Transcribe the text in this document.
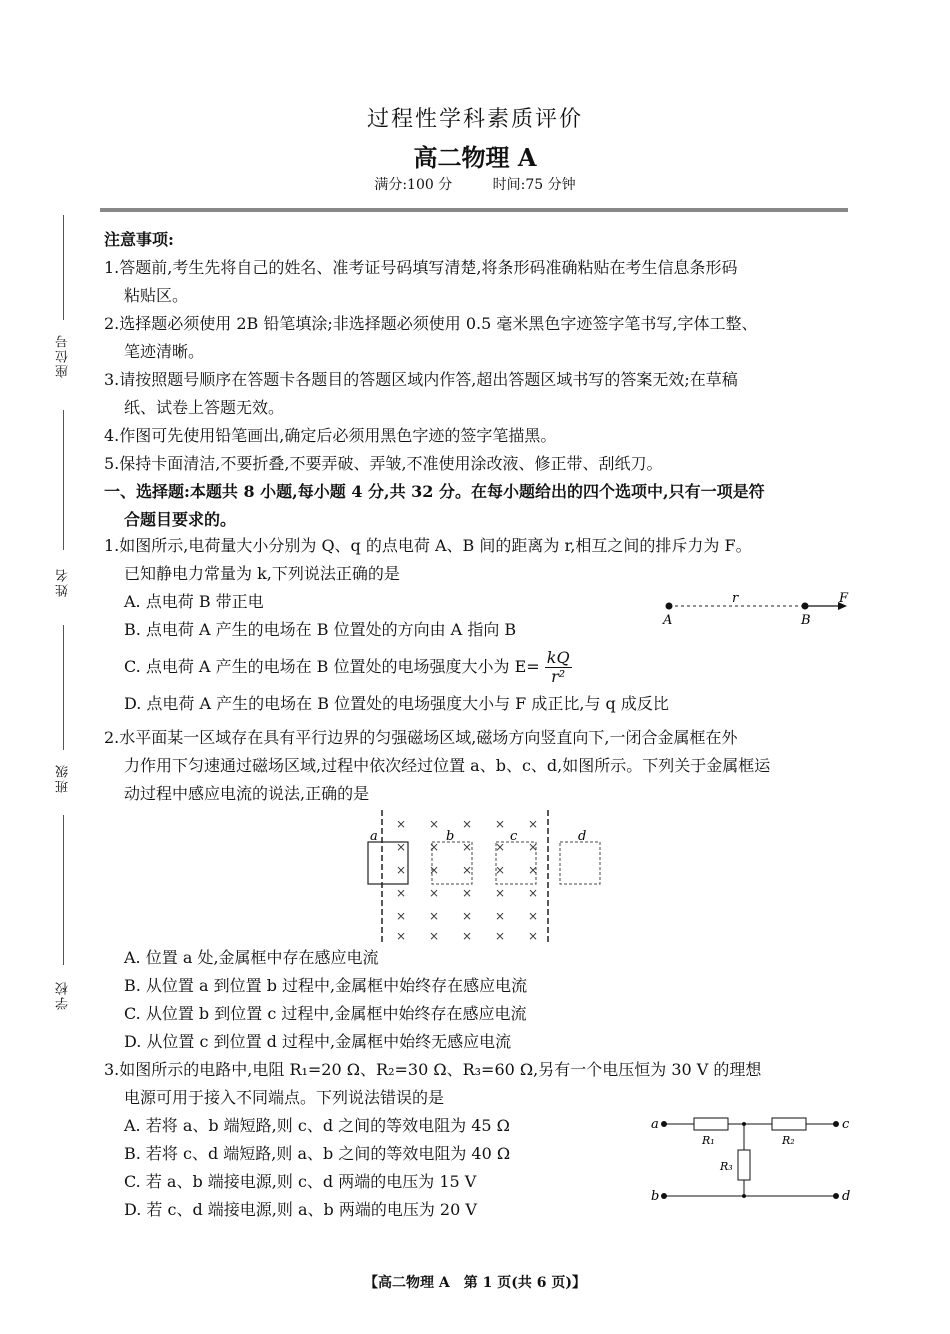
过程性学科素质评价
高二物理 A
满分:100 分	时间:75 分钟
座位号
姓名
班级
学校
注意事项:
1.答题前,考生先将自己的姓名、准考证号码填写清楚,将条形码准确粘贴在考生信息条形码
粘贴区。
2.选择题必须使用 2B 铅笔填涂;非选择题必须使用 0.5 毫米黑色字迹签字笔书写,字体工整、
笔迹清晰。
3.请按照题号顺序在答题卡各题目的答题区域内作答,超出答题区域书写的答案无效;在草稿
纸、试卷上答题无效。
4.作图可先使用铅笔画出,确定后必须用黑色字迹的签字笔描黑。
5.保持卡面清洁,不要折叠,不要弄破、弄皱,不准使用涂改液、修正带、刮纸刀。
一、选择题:本题共 8 小题,每小题 4 分,共 32 分。在每小题给出的四个选项中,只有一项是符
合题目要求的。
1.如图所示,电荷量大小分别为 Q、q 的点电荷 A、B 间的距离为 r,相互之间的排斥力为 F。
已知静电力常量为 k,下列说法正确的是
A. 点电荷 B 带正电
B. 点电荷 A 产生的电场在 B 位置处的方向由 A 指向 B
C. 点电荷 A 产生的电场在 B 位置处的电场强度大小为 $E= \frac{kQ}{\text{r²}}$
D. 点电荷 A 产生的电场在 B 位置处的电场强度大小与 F 成正比,与 q 成反比
A	B
r	F
2.水平面某一区域存在具有平行边界的匀强磁场区域,磁场方向竖直向下,一闭合金属框在外
力作用下匀速通过磁场区域,过程中依次经过位置 a、b、c、d,如图所示。下列关于金属框运
动过程中感应电流的说法,正确的是
a	b	c	d
× × × × ×
× × × × ×
× × × × ×
× × × × ×
× × × × ×
× × × × ×
A. 位置 a 处,金属框中存在感应电流
B. 从位置 a 到位置 b 过程中,金属框中始终存在感应电流
C. 从位置 b 到位置 c 过程中,金属框中始终存在感应电流
D. 从位置 c 到位置 d 过程中,金属框中始终无感应电流
3.如图所示的电路中,电阻 R₁=20 Ω、R₂=30 Ω、R₃=60 Ω,另有一个电压恒为 30 V 的理想
电源可用于接入不同端点。下列说法错误的是
A. 若将 a、b 端短路,则 c、d 之间的等效电阻为 45 Ω
B. 若将 c、d 端短路,则 a、b 之间的等效电阻为 40 Ω
C. 若 a、b 端接电源,则 c、d 两端的电压为 15 V
D. 若 c、d 端接电源,则 a、b 两端的电压为 20 V
a	c
b	d
R₁	R₂
R₃
【高二物理 A　第 1 页(共 6 页)】
